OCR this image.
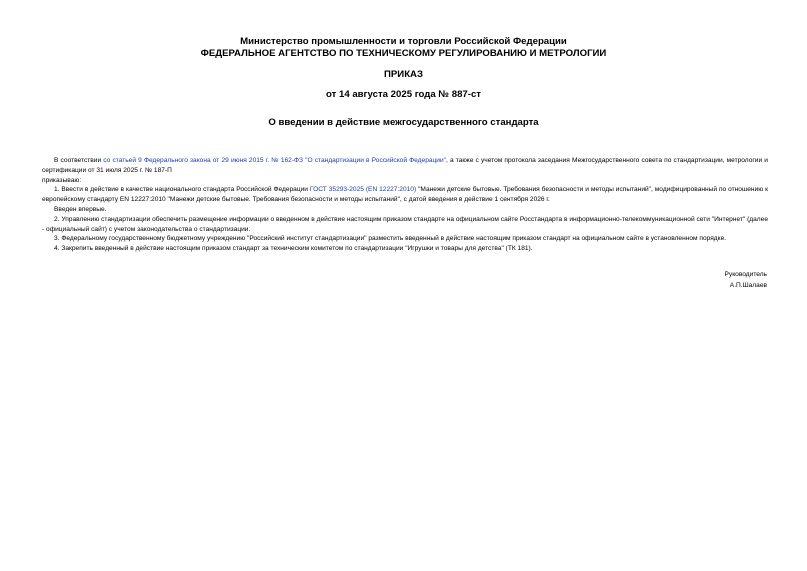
Министерство промышленности и торговли Российской Федерации
ФЕДЕРАЛЬНОЕ АГЕНТСТВО ПО ТЕХНИЧЕСКОМУ РЕГУЛИРОВАНИЮ И МЕТРОЛОГИИ
ПРИКАЗ
от 14 августа 2025 года № 887-ст
О введении в действие межгосударственного стандарта

В соответствии со статьей 9 Федерального закона от 29 июня 2015 г. № 162-ФЗ "О стандартизации в Российской Федерации", а также с учетом протокола заседания Межгосударственного совета по стандартизации, метрологии и сертификации от 31 июля 2025 г. № 187-П

приказываю:

1. Ввести в действие в качестве национального стандарта Российской Федерации ГОСТ 35293-2025 (EN 12227:2010) "Манежи детские бытовые. Требования безопасности и методы испытаний", модифицированный по отношению к европейскому стандарту EN 12227:2010 "Манежи детские бытовые. Требования безопасности и методы испытаний", с датой введения в действие 1 сентября 2026 г.

Введен впервые.

2. Управлению стандартизации обеспечить размещение информации о введенном в действие настоящим приказом стандарте на официальном сайте Росстандарта в информационно-телекоммуникационной сети "Интернет" (далее - официальный сайт) с учетом законодательства о стандартизации.

3. Федеральному государственному бюджетному учреждению "Российский институт стандартизации" разместить введенный в действие настоящим приказом стандарт на официальном сайте в установленном порядке.

4. Закрепить введенный в действие настоящим приказом стандарт за техническим комитетом по стандартизации "Игрушки и товары для детства" (ТК 181).

Руководитель
А.П.Шалаев
